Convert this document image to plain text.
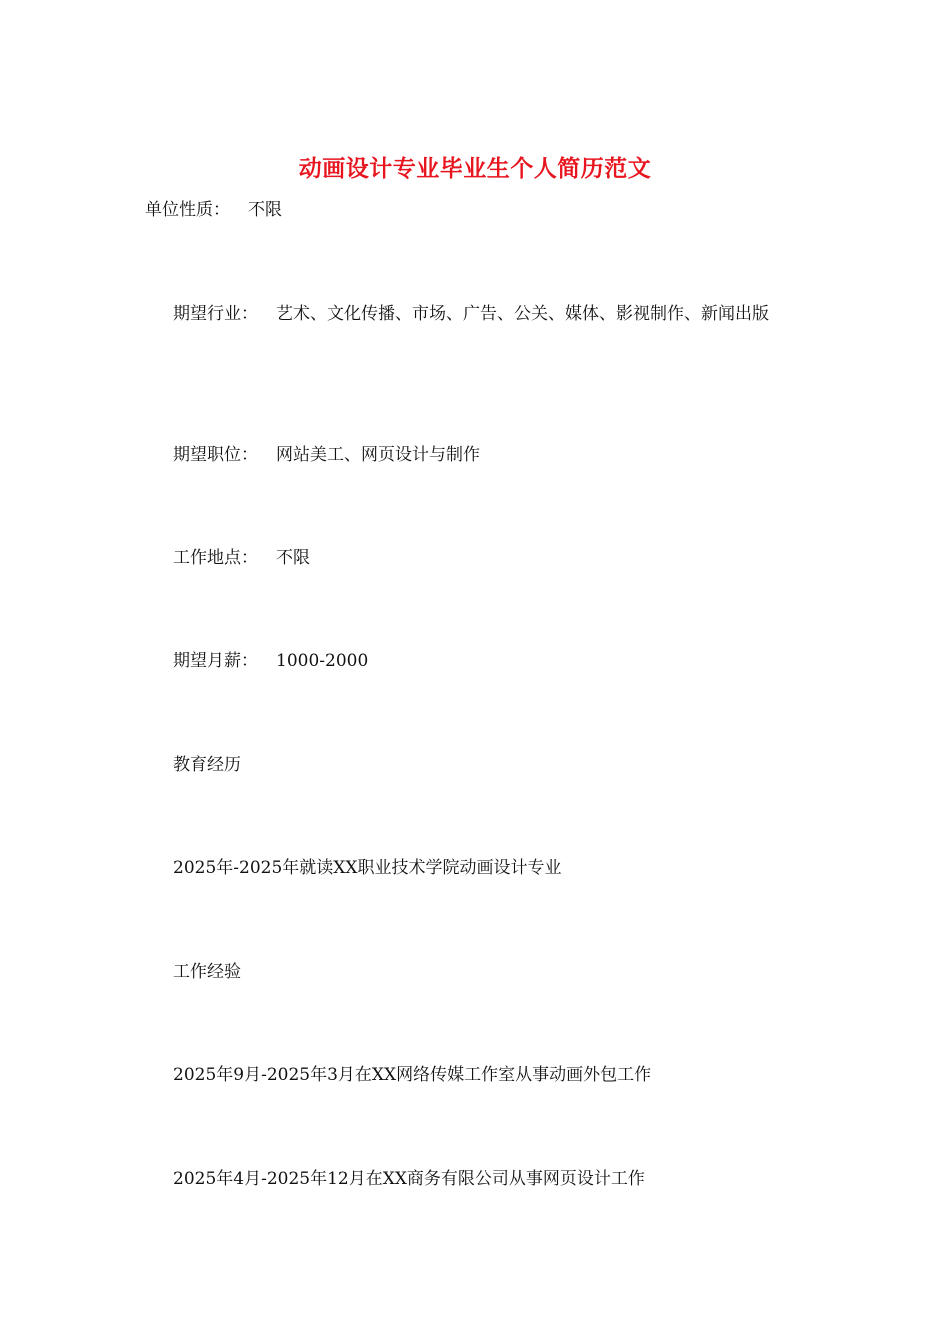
动画设计专业毕业生个人简历范文
单位性质： 不限
期望行业： 艺术、文化传播、市场、广告、公关、媒体、影视制作、新闻出版
期望职位： 网站美工、网页设计与制作
工作地点： 不限
期望月薪： 1000-2000
教育经历
2025年-2025年就读XX职业技术学院动画设计专业
工作经验
2025年9月-2025年3月在XX网络传媒工作室从事动画外包工作
2025年4月-2025年12月在XX商务有限公司从事网页设计工作
